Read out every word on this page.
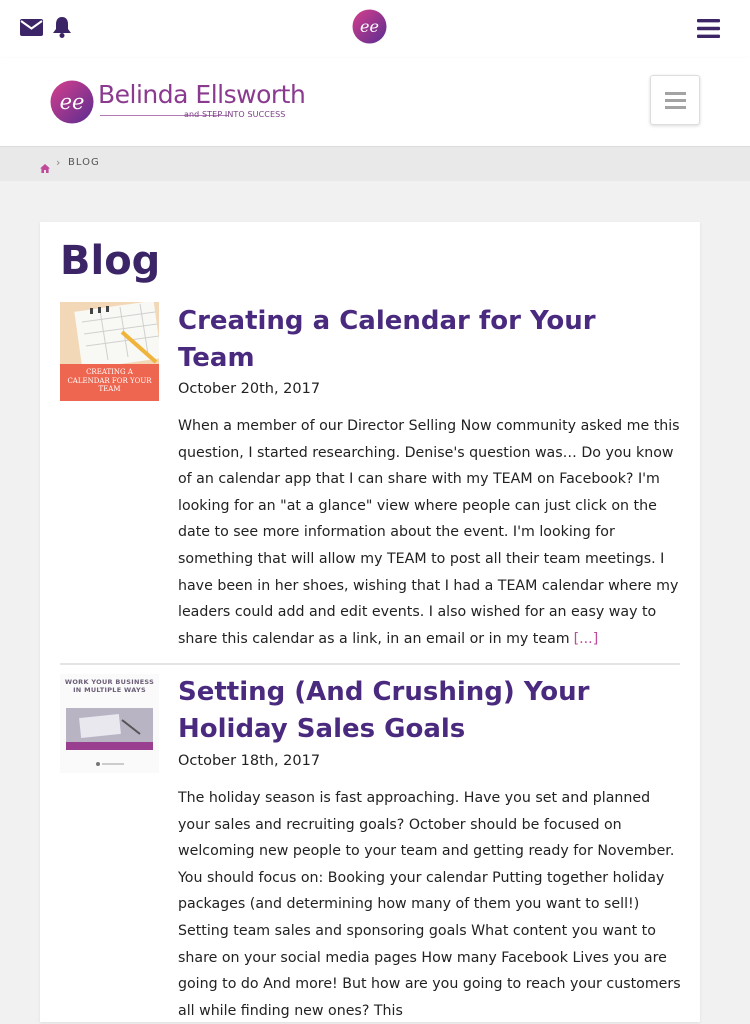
ee
ee Belinda Ellsworth
and STEP INTO SUCCESS
› BLOG
Blog
CREATING A CALENDAR FOR YOUR TEAM
Creating a Calendar for Your Team
October 20th, 2017

When a member of our Director Selling Now community asked me this question, I started researching. Denise's question was… Do you know of an calendar app that I can share with my TEAM on Facebook? I'm looking for an "at a glance" view where people can just click on the date to see more information about the event. I'm looking for something that will allow my TEAM to post all their team meetings. I have been in her shoes, wishing that I had a TEAM calendar where my leaders could add and edit events. I also wished for an easy way to share this calendar as a link, in an email or in my team [...]

WORK YOUR BUSINESS IN MULTIPLE WAYS	Setting (And Crushing) Your Holiday Sales Goals
October 18th, 2017

The holiday season is fast approaching. Have you set and planned your sales and recruiting goals? October should be focused on welcoming new people to your team and getting ready for November. You should focus on: Booking your calendar Putting together holiday packages (and determining how many of them you want to sell!) Setting team sales and sponsoring goals What content you want to share on your social media pages How many Facebook Lives you are going to do And more! But how are you going to reach your customers all while finding new ones? This
